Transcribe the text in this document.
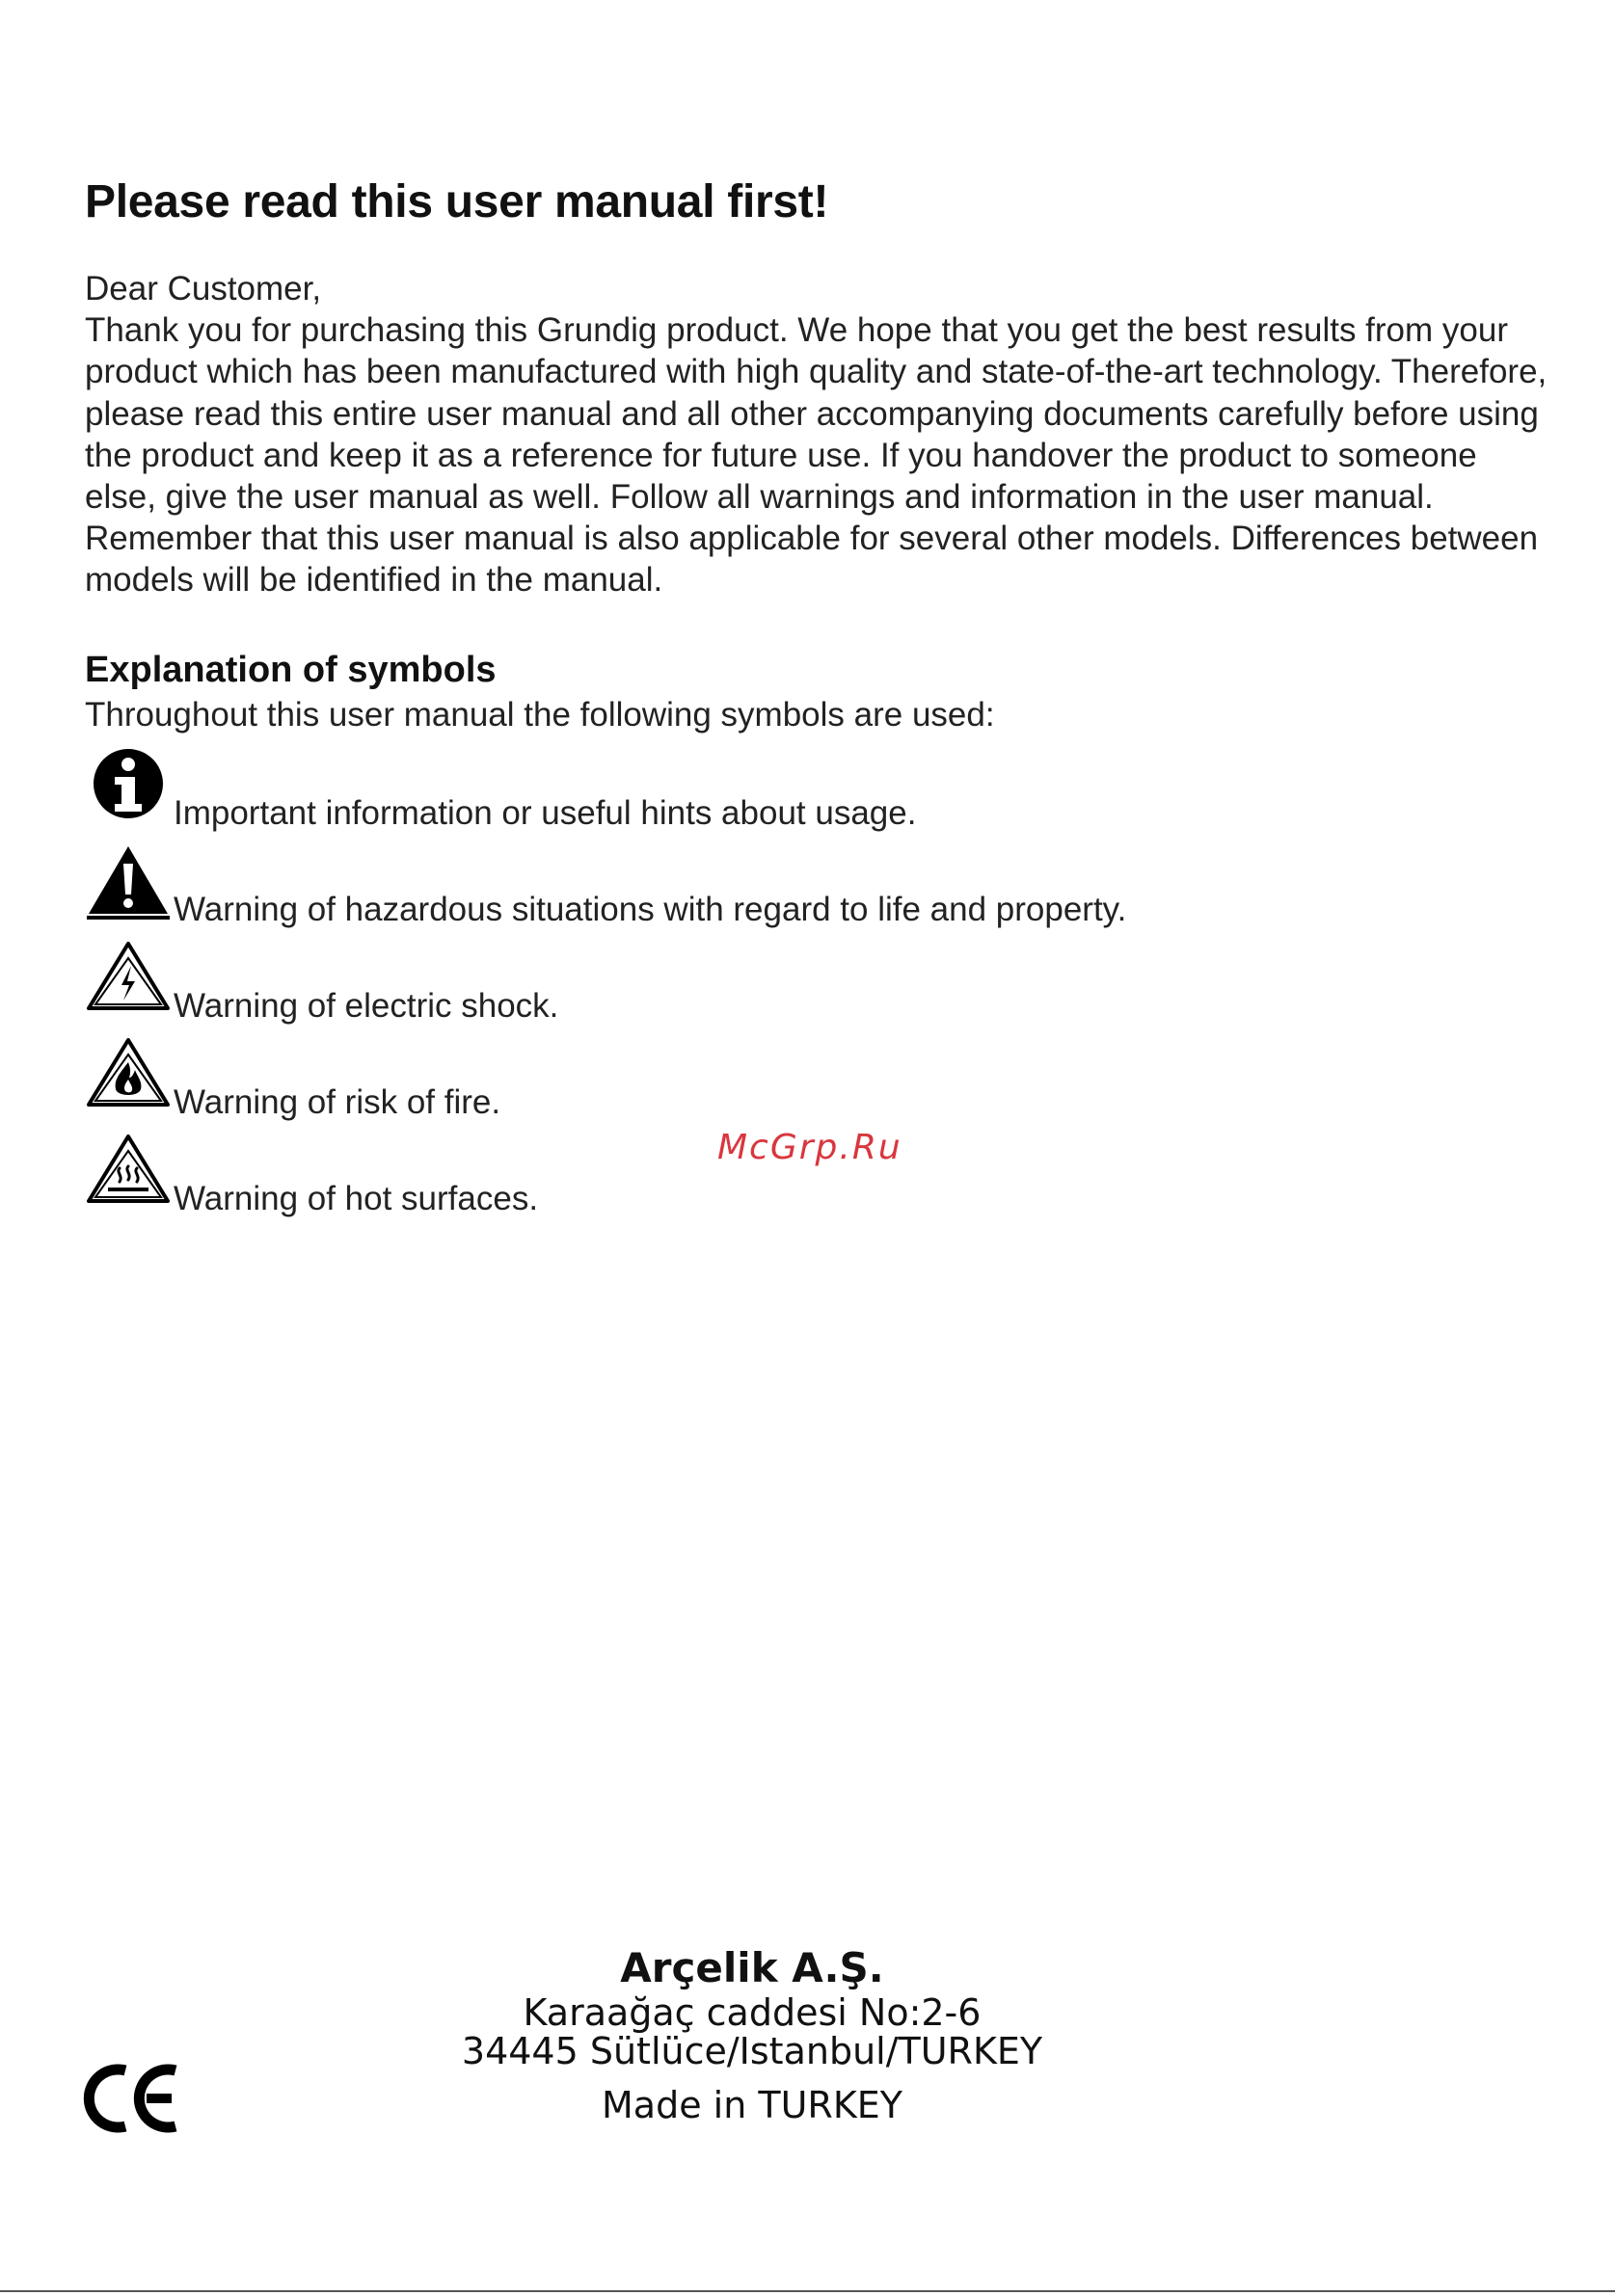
Please read this user manual first!

Dear Customer,

Thank you for purchasing this Grundig product. We hope that you get the best results from your product which has been manufactured with high quality and state-of-the-art technology. Therefore, please read this entire user manual and all other accompanying documents carefully before using the product and keep it as a reference for future use. If you handover the product to someone else, give the user manual as well. Follow all warnings and information in the user manual.

Remember that this user manual is also applicable for several other models. Differences between models will be identified in the manual.

Explanation of symbols

Throughout this user manual the following symbols are used:

Important information or useful hints about usage.
Warning of hazardous situations with regard to life and property.
Warning of electric shock.
Warning of risk of fire.
Warning of hot surfaces.
McGrp.Ru
Arçelik A.Ş.
Karaağaç caddesi No:2-6
34445 Sütlüce/Istanbul/TURKEY
Made in TURKEY
